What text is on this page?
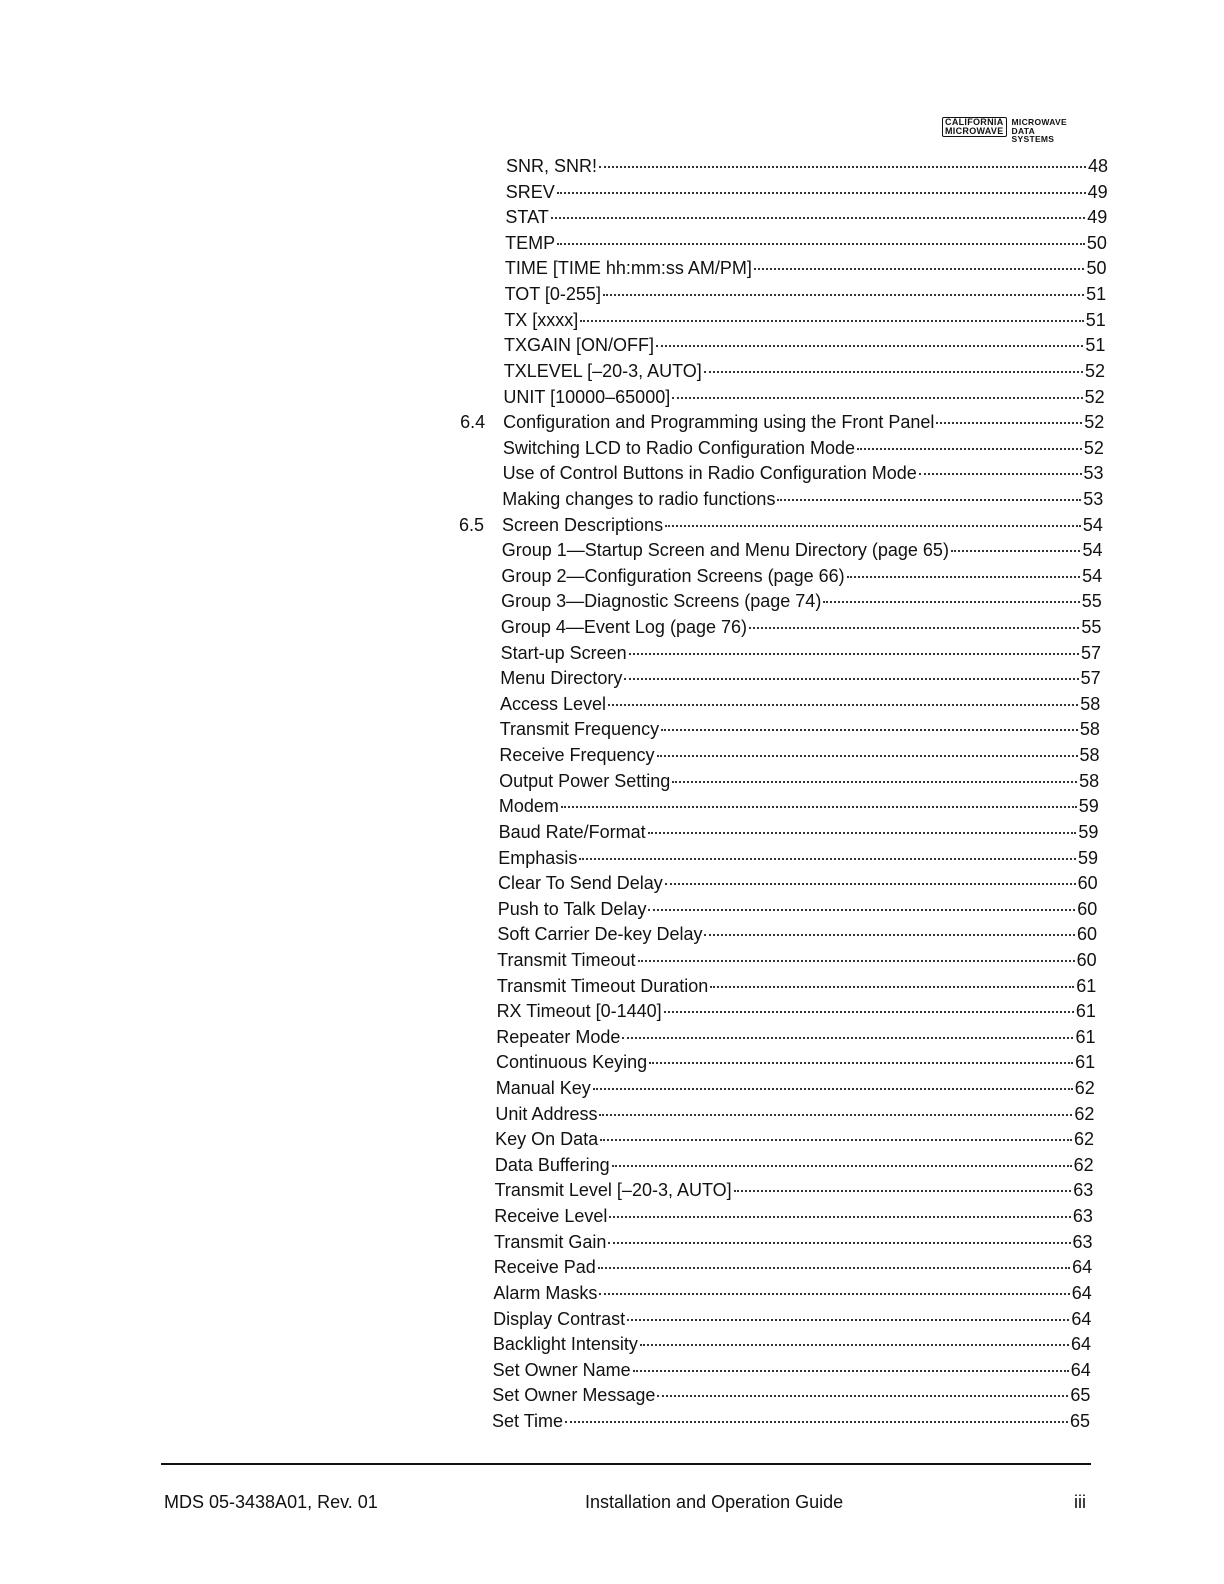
CALIFORNIA
MICROWAVE
MICROWAVE
DATA
SYSTEMS
SNR, SNR!	48
SREV	49
STAT	49
TEMP	50
TIME [TIME hh:mm:ss AM/PM]	50
TOT [0-255]	51
TX [xxxx]	51
TXGAIN [ON/OFF]	51
TXLEVEL [–20-3, AUTO]	52
UNIT [10000–65000]	52
6.4 Configuration and Programming using the Front Panel	52
Switching LCD to Radio Configuration Mode	52
Use of Control Buttons in Radio Configuration Mode	53
Making changes to radio functions	53
6.5 Screen Descriptions	54
Group 1—Startup Screen and Menu Directory (page 65)	54
Group 2—Configuration Screens (page 66)	54
Group 3—Diagnostic Screens (page 74)	55
Group 4—Event Log (page 76)	55
Start-up Screen	57
Menu Directory	57
Access Level	58
Transmit Frequency	58
Receive Frequency	58
Output Power Setting	58
Modem	59
Baud Rate/Format	59
Emphasis	59
Clear To Send Delay	60
Push to Talk Delay	60
Soft Carrier De-key Delay	60
Transmit Timeout	60
Transmit Timeout Duration	61
RX Timeout [0-1440]	61
Repeater Mode	61
Continuous Keying	61
Manual Key	62
Unit Address	62
Key On Data	62
Data Buffering	62
Transmit Level [–20-3, AUTO]	63
Receive Level	63
Transmit Gain	63
Receive Pad	64
Alarm Masks	64
Display Contrast	64
Backlight Intensity	64
Set Owner Name	64
Set Owner Message	65
Set Time	65
MDS 05-3438A01, Rev. 01	Installation and Operation Guide	iii
